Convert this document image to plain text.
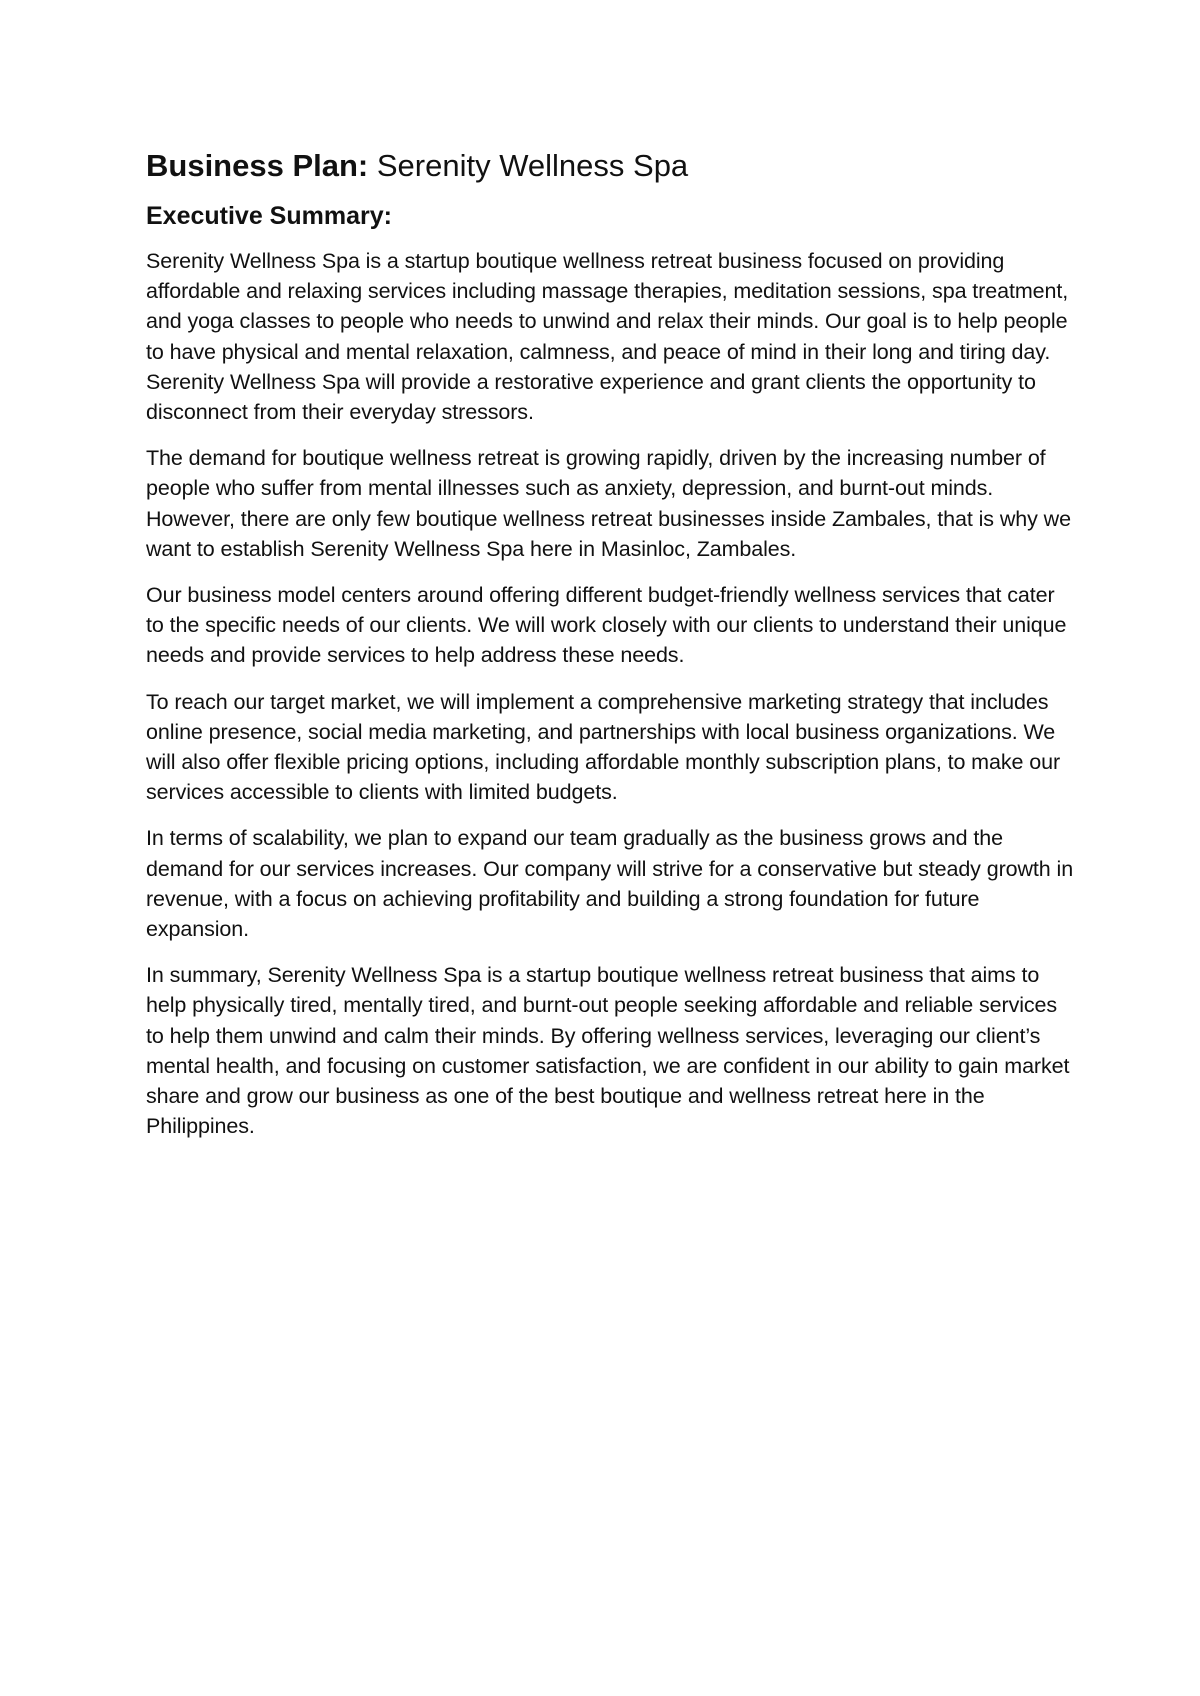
Business Plan: Serenity Wellness Spa
Executive Summary:

Serenity Wellness Spa is a startup boutique wellness retreat business focused on providing affordable and relaxing services including massage therapies, meditation sessions, spa treatment, and yoga classes to people who needs to unwind and relax their minds. Our goal is to help people to have physical and mental relaxation, calmness, and peace of mind in their long and tiring day. Serenity Wellness Spa will provide a restorative experience and grant clients the opportunity to disconnect from their everyday stressors.

The demand for boutique wellness retreat is growing rapidly, driven by the increasing number of people who suffer from mental illnesses such as anxiety, depression, and burnt-out minds. However, there are only few boutique wellness retreat businesses inside Zambales, that is why we want to establish Serenity Wellness Spa here in Masinloc, Zambales.

Our business model centers around offering different budget-friendly wellness services that cater to the specific needs of our clients. We will work closely with our clients to understand their unique needs and provide services to help address these needs.

To reach our target market, we will implement a comprehensive marketing strategy that includes online presence, social media marketing, and partnerships with local business organizations. We will also offer flexible pricing options, including affordable monthly subscription plans, to make our services accessible to clients with limited budgets.

In terms of scalability, we plan to expand our team gradually as the business grows and the demand for our services increases. Our company will strive for a conservative but steady growth in revenue, with a focus on achieving profitability and building a strong foundation for future expansion.

In summary, Serenity Wellness Spa is a startup boutique wellness retreat business that aims to help physically tired, mentally tired, and burnt-out people seeking affordable and reliable services to help them unwind and calm their minds. By offering wellness services, leveraging our client’s mental health, and focusing on customer satisfaction, we are confident in our ability to gain market share and grow our business as one of the best boutique and wellness retreat here in the Philippines.
